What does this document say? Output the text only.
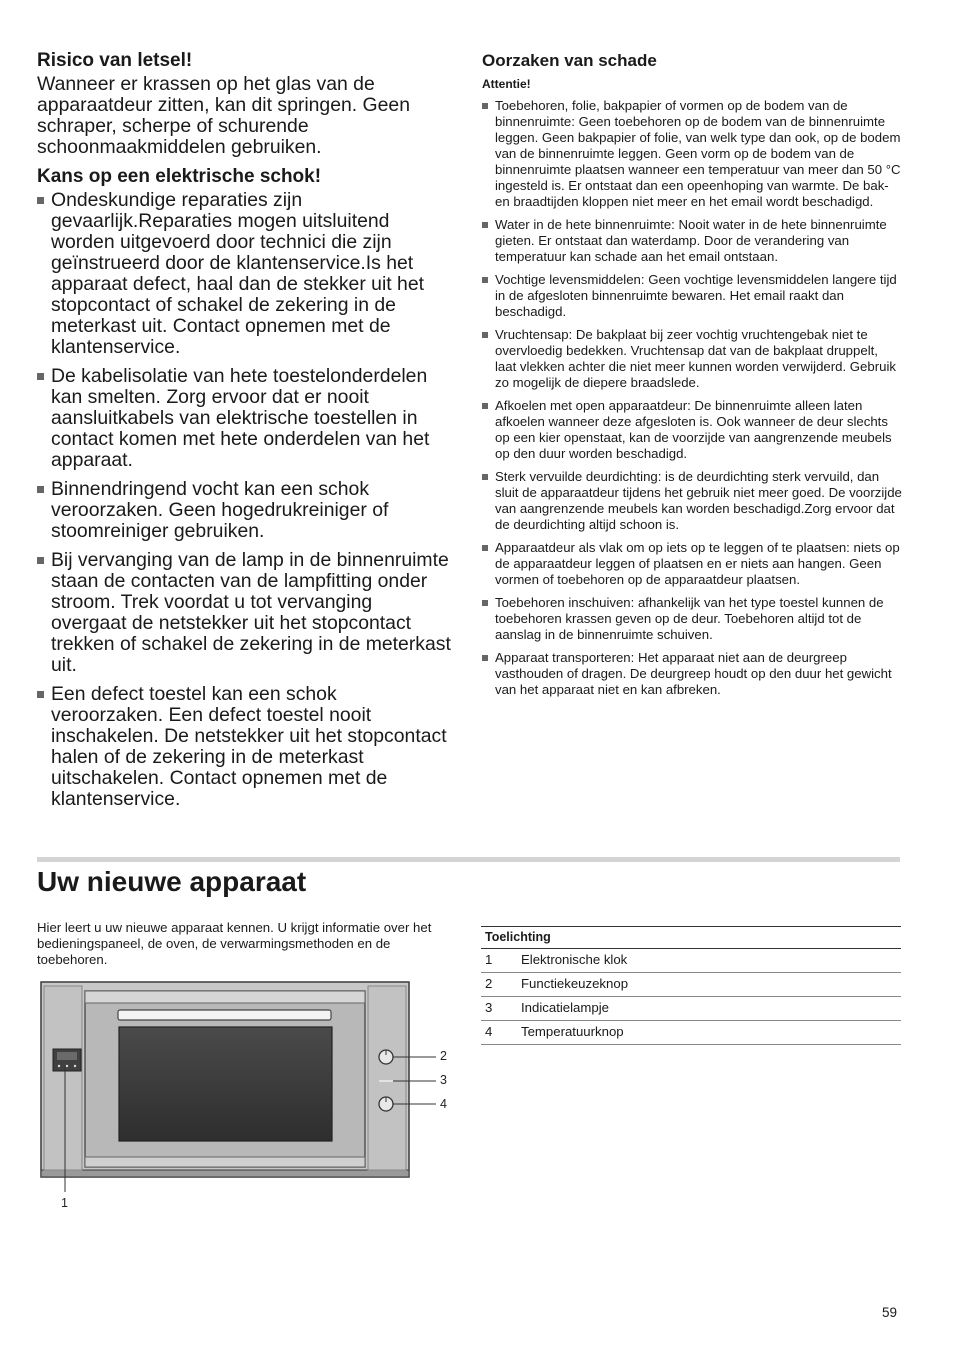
Risico van letsel!

Wanneer er krassen op het glas van de apparaatdeur zitten, kan dit springen. Geen schraper, scherpe of schurende schoonmaakmiddelen gebruiken.

Kans op een elektrische schok!
Ondeskundige reparaties zijn gevaarlijk.Reparaties mogen uitsluitend worden uitgevoerd door technici die zijn geïnstrueerd door de klantenservice.Is het apparaat defect, haal dan de stekker uit het stopcontact of schakel de zekering in de meterkast uit. Contact opnemen met de klantenservice.
De kabelisolatie van hete toestelonderdelen kan smelten. Zorg ervoor dat er nooit aansluitkabels van elektrische toestellen in contact komen met hete onderdelen van het apparaat.
Binnendringend vocht kan een schok veroorzaken. Geen hogedrukreiniger of stoomreiniger gebruiken.
Bij vervanging van de lamp in de binnenruimte staan de contacten van de lampfitting onder stroom. Trek voordat u tot vervanging overgaat de netstekker uit het stopcontact trekken of schakel de zekering in de meterkast uit.
Een defect toestel kan een schok veroorzaken. Een defect toestel nooit inschakelen. De netstekker uit het stopcontact halen of de zekering in de meterkast uitschakelen. Contact opnemen met de klantenservice.
Oorzaken van schade

Attentie!

Toebehoren, folie, bakpapier of vormen op de bodem van de binnenruimte: Geen toebehoren op de bodem van de binnenruimte leggen. Geen bakpapier of folie, van welk type dan ook, op de bodem van de binnenruimte leggen. Geen vorm op de bodem van de binnenruimte plaatsen wanneer een temperatuur van meer dan 50 °C ingesteld is. Er ontstaat dan een opeenhoping van warmte. De bak- en braadtijden kloppen niet meer en het email wordt beschadigd.
Water in de hete binnenruimte: Nooit water in de hete binnenruimte gieten. Er ontstaat dan waterdamp. Door de verandering van temperatuur kan schade aan het email ontstaan.
Vochtige levensmiddelen: Geen vochtige levensmiddelen langere tijd in de afgesloten binnenruimte bewaren. Het email raakt dan beschadigd.
Vruchtensap: De bakplaat bij zeer vochtig vruchtengebak niet te overvloedig bedekken. Vruchtensap dat van de bakplaat druppelt, laat vlekken achter die niet meer kunnen worden verwijderd. Gebruik zo mogelijk de diepere braadslede.
Afkoelen met open apparaatdeur: De binnenruimte alleen laten afkoelen wanneer deze afgesloten is. Ook wanneer de deur slechts op een kier openstaat, kan de voorzijde van aangrenzende meubels op den duur worden beschadigd.
Sterk vervuilde deurdichting: is de deurdichting sterk vervuild, dan sluit de apparaatdeur tijdens het gebruik niet meer goed. De voorzijde van aangrenzende meubels kan worden beschadigd.Zorg ervoor dat de deurdichting altijd schoon is.
Apparaatdeur als vlak om op iets op te leggen of te plaatsen: niets op de apparaatdeur leggen of plaatsen en er niets aan hangen. Geen vormen of toebehoren op de apparaatdeur plaatsen.
Toebehoren inschuiven: afhankelijk van het type toestel kunnen de toebehoren krassen geven op de deur. Toebehoren altijd tot de aanslag in de binnenruimte schuiven.
Apparaat transporteren: Het apparaat niet aan de deurgreep vasthouden of dragen. De deurgreep houdt op den duur het gewicht van het apparaat niet en kan afbreken.
Uw nieuwe apparaat

Hier leert u uw nieuwe apparaat kennen. U krijgt informatie over het bedieningspaneel, de oven, de verwarmingsmethoden en de toebehoren.

1
2
3
4
Toelichting	
1	Elektronische klok
2	Functiekeuzeknop
3	Indicatielampje
4	Temperatuurknop
59
